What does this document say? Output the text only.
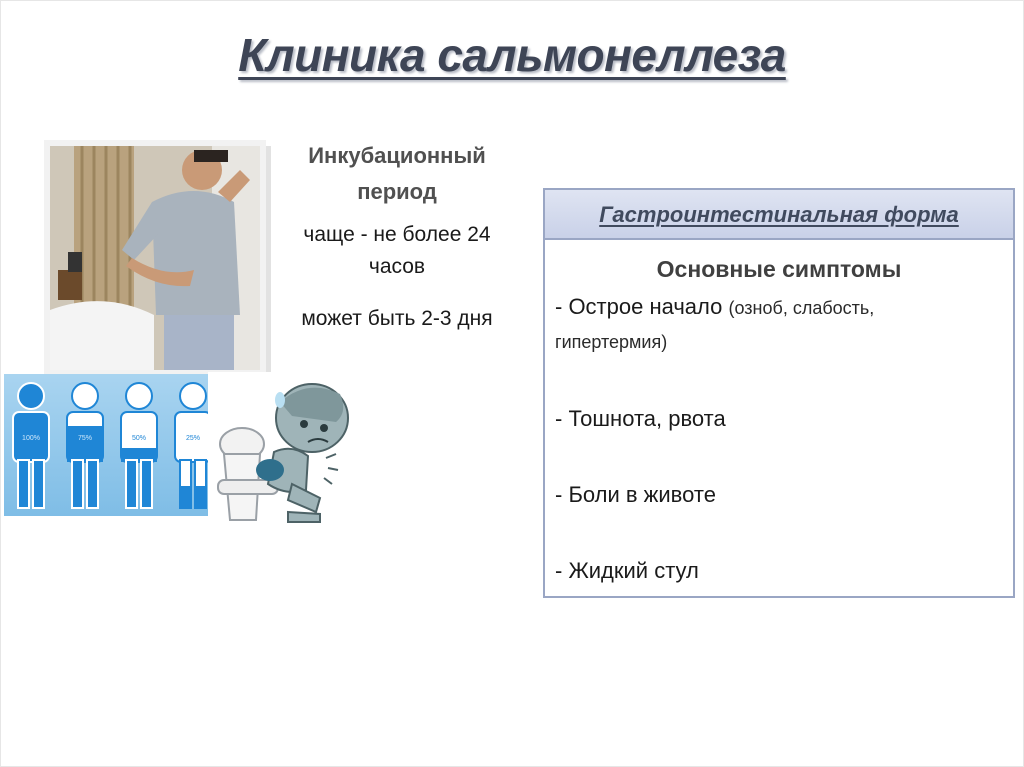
Клиника сальмонеллеза
100%	75%	50%	25%
Инкубационный
период
чаще - не более 24
часов
может быть 2-3 дня
Гастроинтестинальная форма
Основные симптомы
- Острое начало (озноб, слабость,
гипертермия)
- Тошнота, рвота
- Боли в животе
- Жидкий стул
